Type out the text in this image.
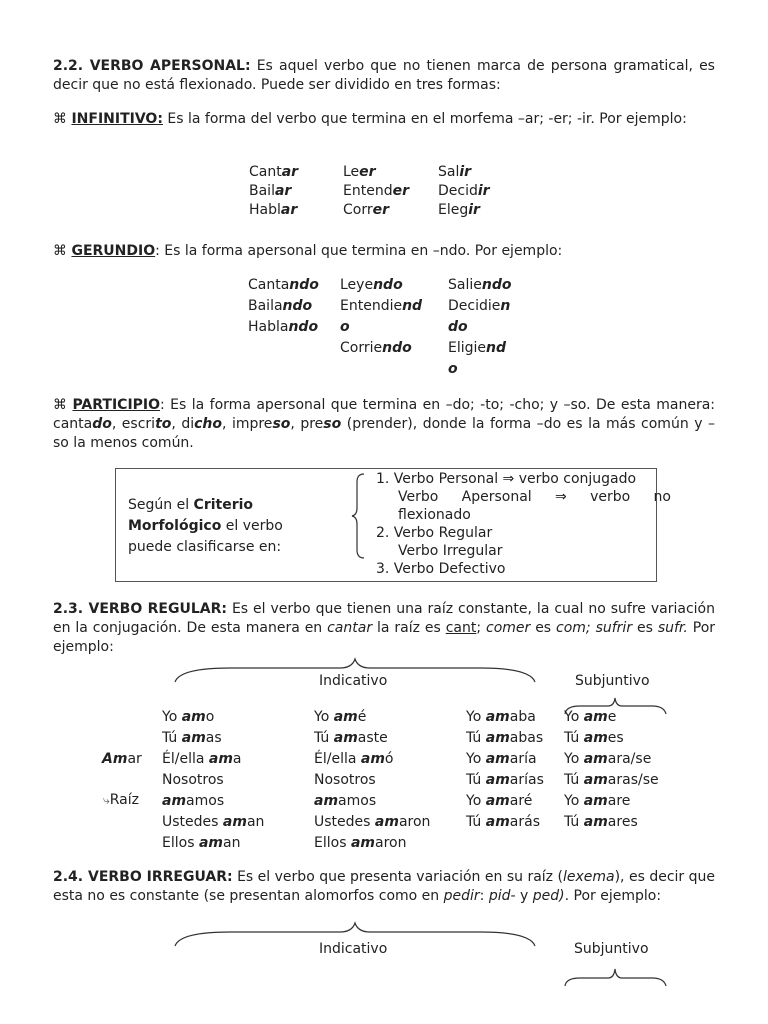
2.2. VERBO APERSONAL: Es aquel verbo que no tienen marca de persona gramatical, es decir que no está flexionado. Puede ser dividido en tres formas:
⌘ INFINITIVO: Es la forma del verbo que termina en el morfema –ar; -er; -ir. Por ejemplo:
Cantar
Bailar
Hablar
Leer
Entender
Correr
Salir
Decidir
Elegir
⌘ GERUNDIO: Es la forma apersonal que termina en –ndo. Por ejemplo:
Cantando
Bailando
Hablando
Leyendo
Entendiend
o
Corriendo
Saliendo
Decidien
do
Eligiend
o
⌘ PARTICIPIO: Es la forma apersonal que termina en –do; -to; -cho; y –so. De esta manera: cantado, escrito, dicho, impreso, preso (prender), donde la forma –do es la más común y –so la menos común.
Según el Criterio
Morfológico el verbo
puede clasificarse en:
1. Verbo Personal ⇒ verbo conjugado
Verbo Apersonal ⇒ verbo no
flexionado
2. Verbo Regular
Verbo Irregular
3. Verbo Defectivo
2.3. VERBO REGULAR: Es el verbo que tienen una raíz constante, la cual no sufre variación en la conjugación. De esta manera en cantar la raíz es cant; comer es com; sufrir es sufr. Por ejemplo:
Indicativo	Subjuntivo
Amar
⤷Raíz
Yo amo
Tú amas
Él/ella ama
Nosotros
amamos
Ustedes aman
Ellos aman
Yo amé
Tú amaste
Él/ella amó
Nosotros
amamos
Ustedes amaron
Ellos amaron
Yo amaba
Tú amabas
Yo amaría
Tú amarías
Yo amaré
Tú amarás
Yo ame
Tú ames
Yo amara/se
Tú amaras/se
Yo amare
Tú amares
2.4. VERBO IRREGUAR: Es el verbo que presenta variación en su raíz (lexema), es decir que esta no es constante (se presentan alomorfos como en pedir: pid- y ped). Por ejemplo:
Indicativo	Subjuntivo
